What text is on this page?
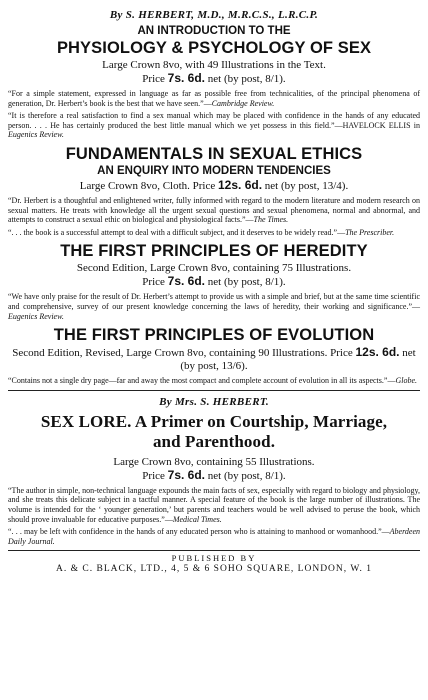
By S. HERBERT, M.D., M.R.C.S., L.R.C.P.

AN INTRODUCTION TO THE

PHYSIOLOGY & PSYCHOLOGY OF SEX

Large Crown 8vo, with 49 Illustrations in the Text.
Price 7s. 6d. net (by post, 8/1).

“For a simple statement, expressed in language as far as possible free from technicalities, of the principal phenomena of generation, Dr. Herbert’s book is the best that we have seen.”—Cambridge Review.

“It is therefore a real satisfaction to find a sex manual which may be placed with confidence in the hands of any educated person. . . . He has certainly produced the best little manual which we yet possess in this field.”—HAVELOCK ELLIS in Eugenics Review.

FUNDAMENTALS IN SEXUAL ETHICS

AN ENQUIRY INTO MODERN TENDENCIES

Large Crown 8vo, Cloth. Price 12s. 6d. net (by post, 13/4).

“Dr. Herbert is a thoughtful and enlightened writer, fully informed with regard to the modern literature and modern research on sexual matters. He treats with knowledge all the urgent sexual questions and sexual phenomena, normal and abnormal, and attempts to construct a sexual ethic on biological and physiological facts.”—The Times.

“. . . the book is a successful attempt to deal with a difficult subject, and it deserves to be widely read.”—The Prescriber.

THE FIRST PRINCIPLES OF HEREDITY

Second Edition, Large Crown 8vo, containing 75 Illustrations.
Price 7s. 6d. net (by post, 8/1).

“We have only praise for the result of Dr. Herbert’s attempt to provide us with a simple and brief, but at the same time scientific and comprehensive, survey of our present knowledge concerning the laws of heredity, their working and significance.”—Eugenics Review.

THE FIRST PRINCIPLES OF EVOLUTION

Second Edition, Revised, Large Crown 8vo, containing 90 Illustrations. Price 12s. 6d. net (by post, 13/6).

“Contains not a single dry page—far and away the most compact and complete account of evolution in all its aspects.”—Globe.

By Mrs. S. HERBERT.

SEX LORE. A Primer on Courtship, Marriage,
and Parenthood.

Large Crown 8vo, containing 55 Illustrations.
Price 7s. 6d. net (by post, 8/1).

“The author in simple, non-technical language expounds the main facts of sex, especially with regard to biology and physiology, and she treats this delicate subject in a tactful manner. A special feature of the book is the large number of illustrations. The volume is intended for the ‘ younger generation,’ but parents and teachers would be well advised to peruse the book, which should prove invaluable for educative purposes.”—Medical Times.

“. . . may be left with confidence in the hands of any educated person who is attaining to manhood or womanhood.”—Aberdeen Daily Journal.

PUBLISHED BY

A. & C. BLACK, LTD., 4, 5 & 6 SOHO SQUARE, LONDON, W. 1
